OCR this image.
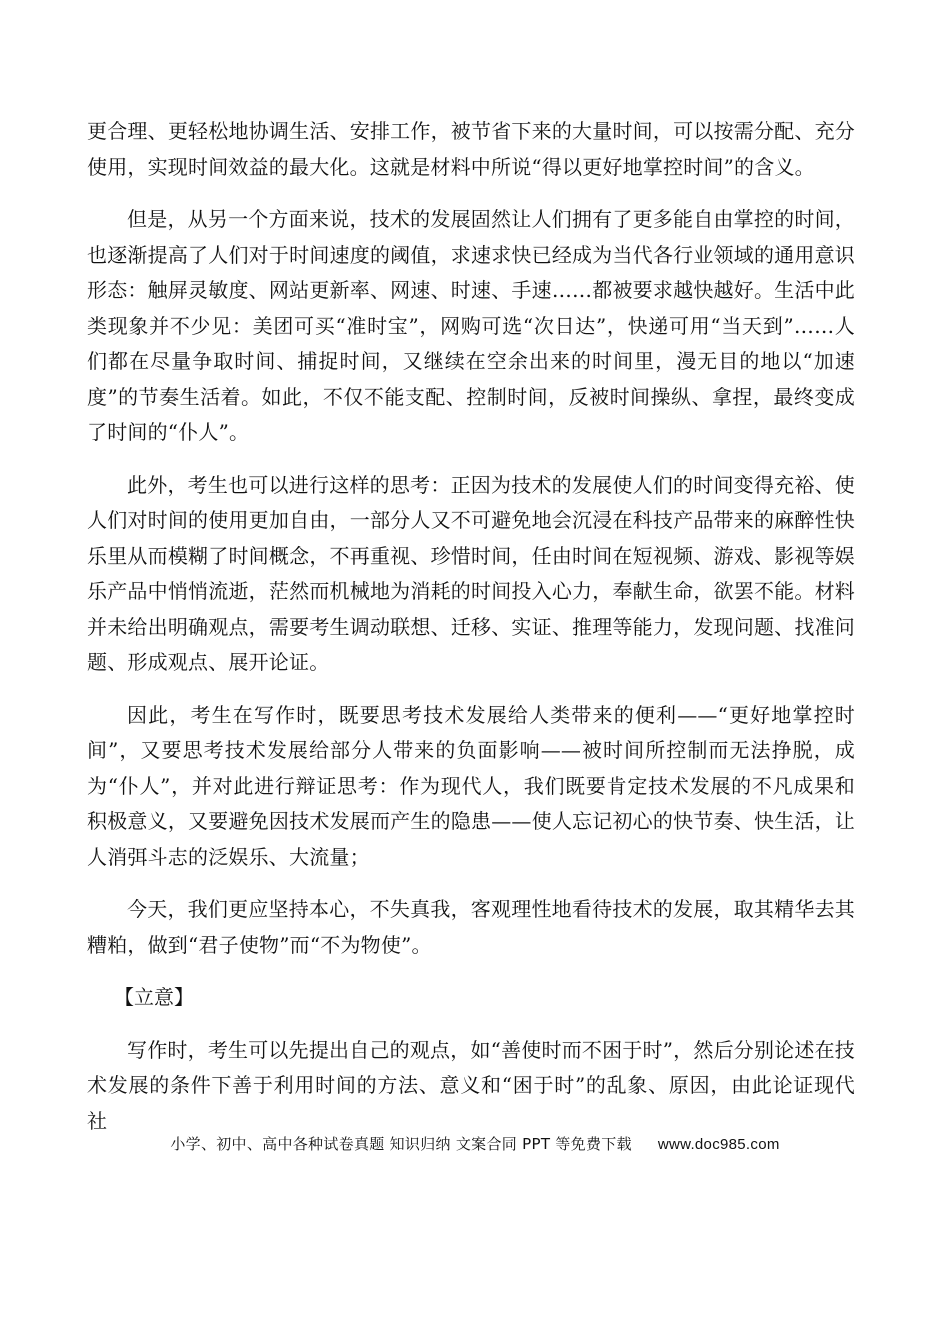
更合理、更轻松地协调生活、安排工作，被节省下来的大量时间，可以按需分配、充分使用，实现时间效益的最大化。这就是材料中所说“得以更好地掌控时间”的含义。

但是，从另一个方面来说，技术的发展固然让人们拥有了更多能自由掌控的时间，也逐渐提高了人们对于时间速度的阈值，求速求快已经成为当代各行业领域的通用意识形态：触屏灵敏度、网站更新率、网速、时速、手速……都被要求越快越好。生活中此类现象并不少见：美团可买“准时宝”，网购可选“次日达”，快递可用“当天到”……人们都在尽量争取时间、捕捉时间，又继续在空余出来的时间里，漫无目的地以“加速度”的节奏生活着。如此，不仅不能支配、控制时间，反被时间操纵、拿捏，最终变成了时间的“仆人”。

此外，考生也可以进行这样的思考：正因为技术的发展使人们的时间变得充裕、使人们对时间的使用更加自由，一部分人又不可避免地会沉浸在科技产品带来的麻醉性快乐里从而模糊了时间概念，不再重视、珍惜时间，任由时间在短视频、游戏、影视等娱乐产品中悄悄流逝，茫然而机械地为消耗的时间投入心力，奉献生命，欲罢不能。材料并未给出明确观点，需要考生调动联想、迁移、实证、推理等能力，发现问题、找准问题、形成观点、展开论证。

因此，考生在写作时，既要思考技术发展给人类带来的便利——“更好地掌控时间”，又要思考技术发展给部分人带来的负面影响——被时间所控制而无法挣脱，成为“仆人”，并对此进行辩证思考：作为现代人，我们既要肯定技术发展的不凡成果和积极意义，又要避免因技术发展而产生的隐患——使人忘记初心的快节奏、快生活，让人消弭斗志的泛娱乐、大流量；

今天，我们更应坚持本心，不失真我，客观理性地看待技术的发展，取其精华去其糟粕，做到“君子使物”而“不为物使”。

【立意】

写作时，考生可以先提出自己的观点，如“善使时而不困于时”，然后分别论述在技术发展的条件下善于利用时间的方法、意义和“困于时”的乱象、原因，由此论证现代社

小学、初中、高中各种试卷真题 知识归纳 文案合同 PPT 等免费下载 www.doc985.com
